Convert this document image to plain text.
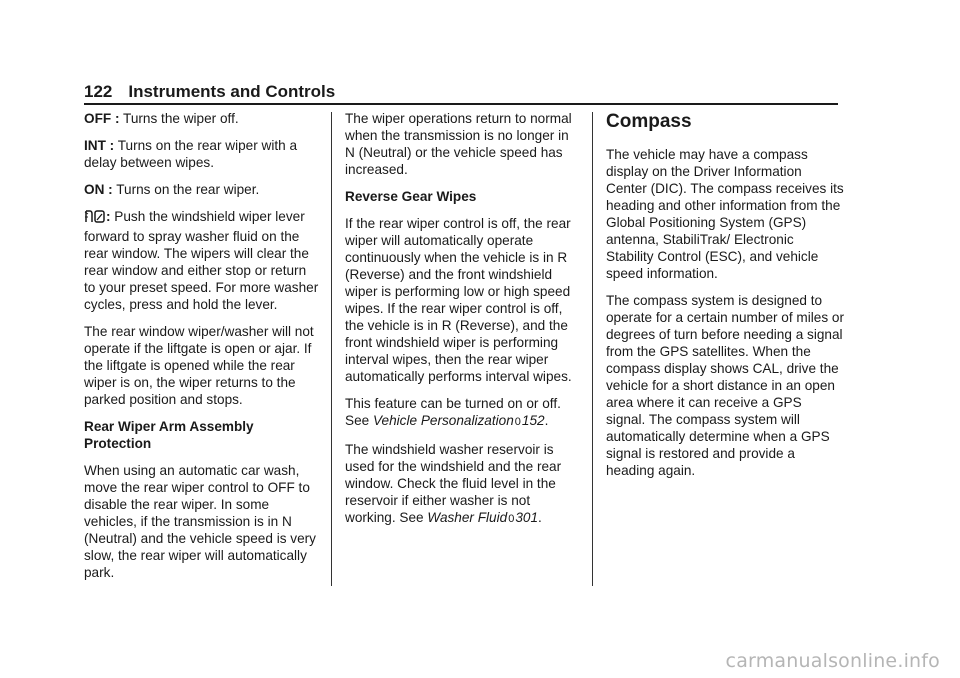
122 Instruments and Controls

OFF : Turns the wiper off.

INT : Turns on the rear wiper with a delay between wipes.

ON : Turns on the rear wiper.

: Push the windshield wiper lever forward to spray washer fluid on the rear window. The wipers will clear the rear window and either stop or return to your preset speed. For more washer cycles, press and hold the lever.

The rear window wiper/washer will not operate if the liftgate is open or ajar. If the liftgate is opened while the rear wiper is on, the wiper returns to the parked position and stops.

Rear Wiper Arm Assembly Protection

When using an automatic car wash, move the rear wiper control to OFF to disable the rear wiper. In some vehicles, if the transmission is in N (Neutral) and the vehicle speed is very slow, the rear wiper will automatically park.

The wiper operations return to normal when the transmission is no longer in N (Neutral) or the vehicle speed has increased.

Reverse Gear Wipes

If the rear wiper control is off, the rear wiper will automatically operate continuously when the vehicle is in R (Reverse) and the front windshield wiper is performing low or high speed wipes. If the rear wiper control is off, the vehicle is in R (Reverse), and the front windshield wiper is performing interval wipes, then the rear wiper automatically performs interval wipes.

This feature can be turned on or off. See Vehicle Personalization0152.

The windshield washer reservoir is used for the windshield and the rear window. Check the fluid level in the reservoir if either washer is not working. See Washer Fluid0301.

Compass

The vehicle may have a compass display on the Driver Information Center (DIC). The compass receives its heading and other information from the Global Positioning System (GPS) antenna, StabiliTrak/ Electronic Stability Control (ESC), and vehicle speed information.

The compass system is designed to operate for a certain number of miles or degrees of turn before needing a signal from the GPS satellites. When the compass display shows CAL, drive the vehicle for a short distance in an open area where it can receive a GPS signal. The compass system will automatically determine when a GPS signal is restored and provide a heading again.

carmanualsonline.info
